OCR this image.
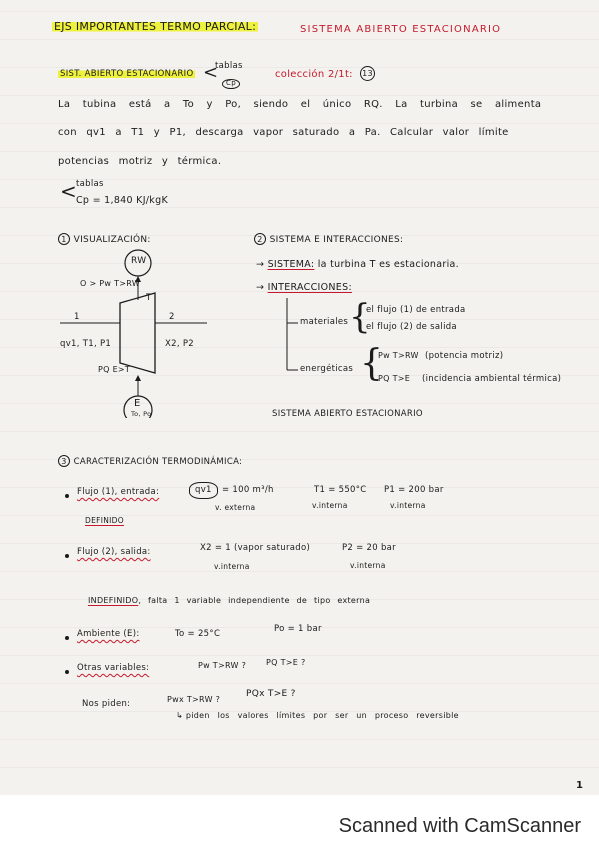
EJS IMPORTANTES TERMO PARCIAL:	SISTEMA ABIERTO ESTACIONARIO
SIST. ABIERTO ESTACIONARIO <
tablas
Cp
colección 2/1t: 13
La tubina está a To y Po, siendo el único RQ. La turbina se alimenta
con qv1 a T1 y P1, descarga vapor saturado a Pa. Calcular valor límite
potencias motriz y térmica.
<
tablas
Cp = 1,840 KJ/kgK
1 VISUALIZACIÓN:
RW
O > Pw T>RW
T
1	2
qv1, T1, P1	X2, P2
PQ E>T
E
To, Po
2 SISTEMA E INTERACCIONES:
→ SISTEMA: la turbina T es estacionaria.
→ INTERACCIONES:
materiales {
el flujo (1) de entrada
el flujo (2) de salida
energéticas {
Pw T>RW (potencia motriz)
PQ T>E (incidencia ambiental térmica)
SISTEMA ABIERTO ESTACIONARIO
3 CARACTERIZACIÓN TERMODINÁMICA:
Flujo (1), entrada:	qv1	= 100 m³/h
v. externa
T1 = 550°C
v.interna
P1 = 200 bar
v.interna
DEFINIDO
Flujo (2), salida:	X2 = 1 (vapor saturado)
v.interna
P2 = 20 bar
v.interna
INDEFINIDO, falta 1 variable independiente de tipo externa
Ambiente (E):	To = 25°C	Po = 1 bar
Otras variables:	Pw T>RW ? PQ T>E ?
Nos piden:	Pwx T>RW ?
PQx T>E ?
↳ piden los valores límites por ser un proceso reversible
1
Scanned with CamScanner
